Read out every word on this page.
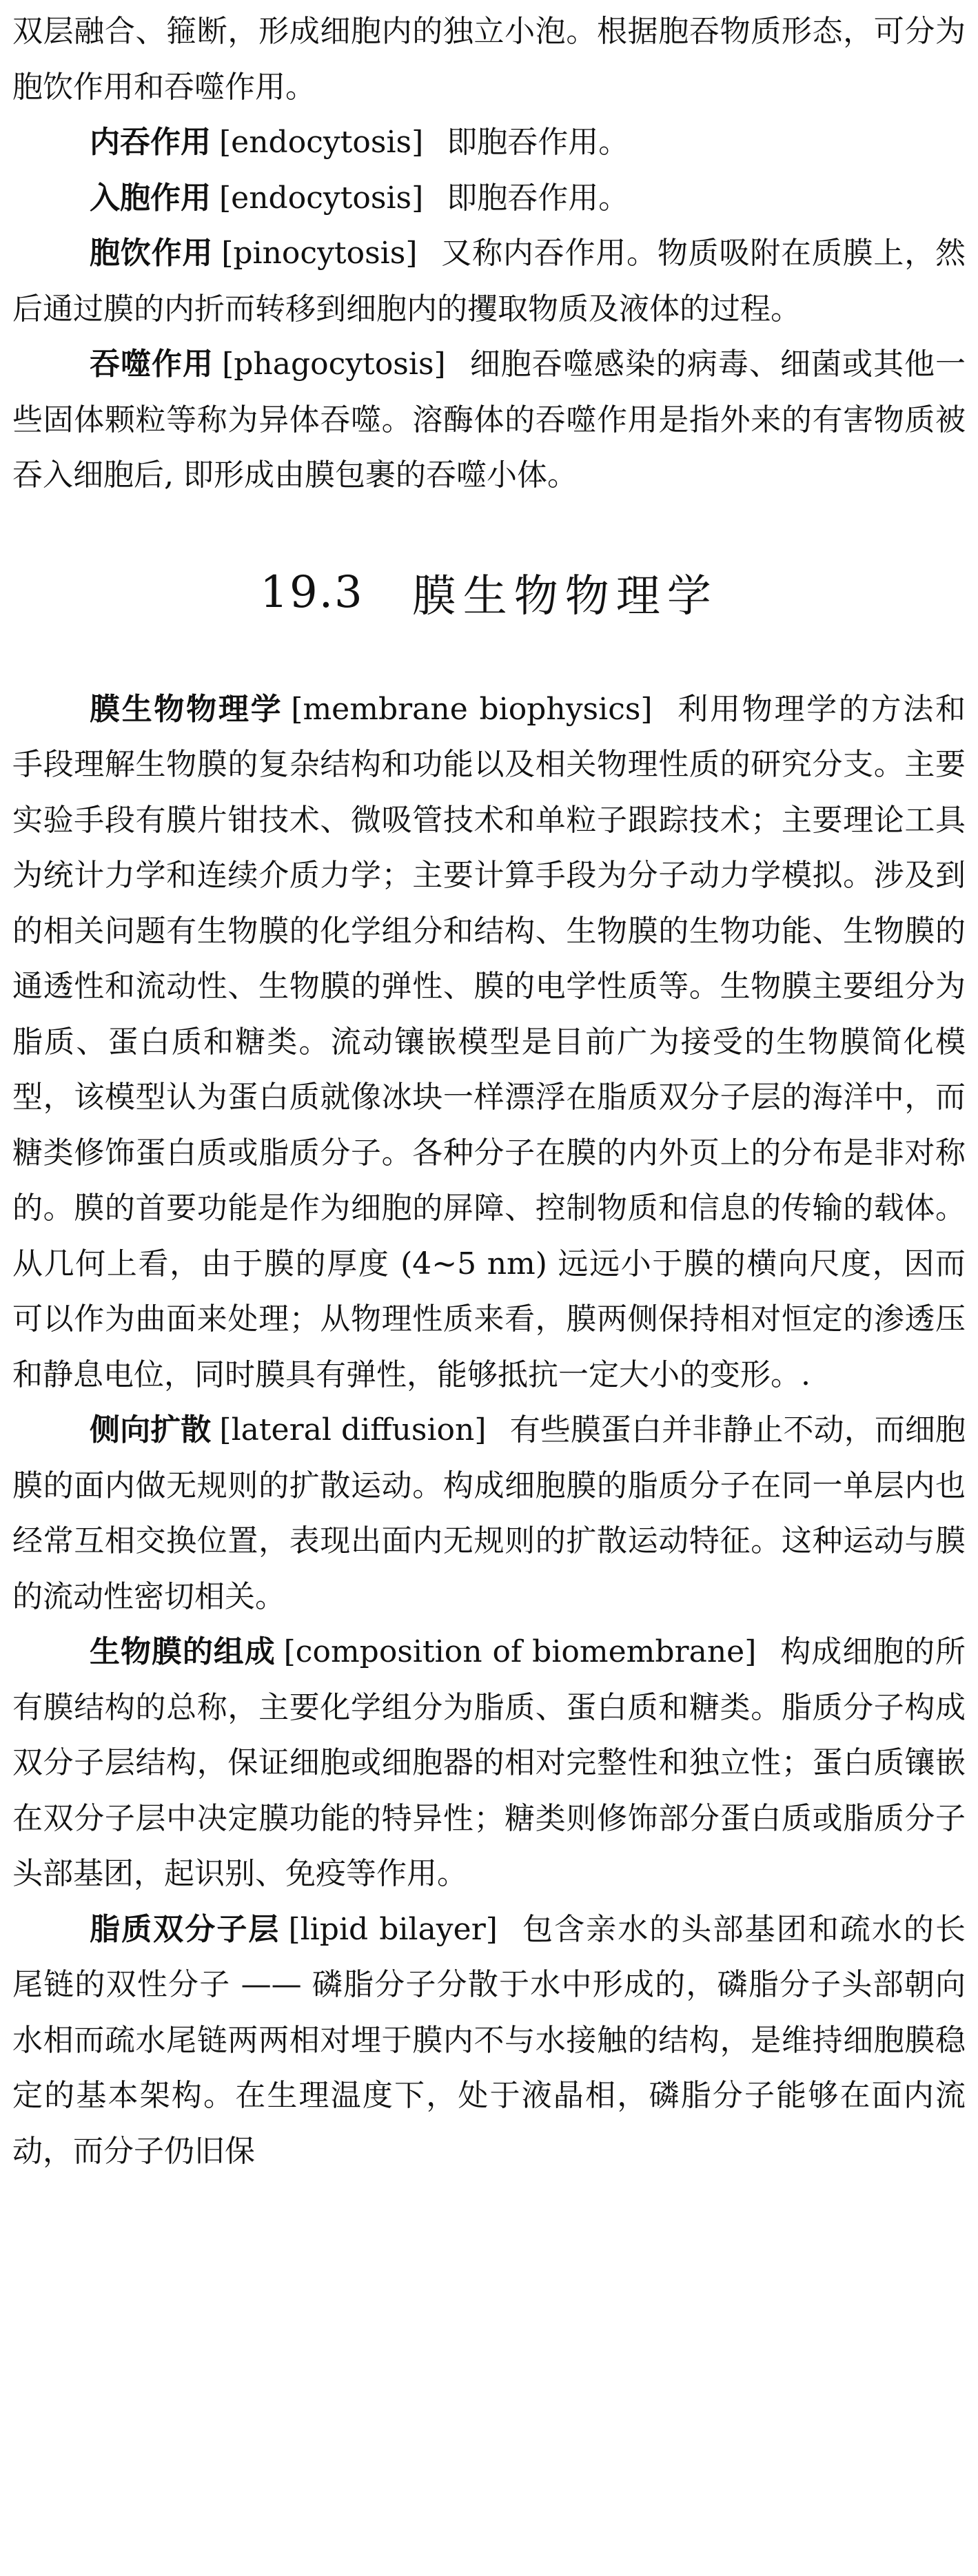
双层融合、箍断，形成细胞内的独立小泡。根据胞吞物质形态，可分为胞饮作用和吞噬作用。

内吞作用 [endocytosis] 即胞吞作用。

入胞作用 [endocytosis] 即胞吞作用。

胞饮作用 [pinocytosis] 又称内吞作用。物质吸附在质膜上，然后通过膜的内折而转移到细胞内的攫取物质及液体的过程。

吞噬作用 [phagocytosis] 细胞吞噬感染的病毒、细菌或其他一些固体颗粒等称为异体吞噬。溶酶体的吞噬作用是指外来的有害物质被吞入细胞后, 即形成由膜包裹的吞噬小体。

19.3 膜生物物理学

膜生物物理学 [membrane biophysics] 利用物理学的方法和手段理解生物膜的复杂结构和功能以及相关物理性质的研究分支。主要实验手段有膜片钳技术、微吸管技术和单粒子跟踪技术；主要理论工具为统计力学和连续介质力学；主要计算手段为分子动力学模拟。涉及到的相关问题有生物膜的化学组分和结构、生物膜的生物功能、生物膜的通透性和流动性、生物膜的弹性、膜的电学性质等。生物膜主要组分为脂质、蛋白质和糖类。流动镶嵌模型是目前广为接受的生物膜简化模型，该模型认为蛋白质就像冰块一样漂浮在脂质双分子层的海洋中，而糖类修饰蛋白质或脂质分子。各种分子在膜的内外页上的分布是非对称的。膜的首要功能是作为细胞的屏障、控制物质和信息的传输的载体。从几何上看，由于膜的厚度 (4∼5 nm) 远远小于膜的横向尺度，因而可以作为曲面来处理；从物理性质来看，膜两侧保持相对恒定的渗透压和静息电位，同时膜具有弹性，能够抵抗一定大小的变形。.

侧向扩散 [lateral diffusion] 有些膜蛋白并非静止不动，而细胞膜的面内做无规则的扩散运动。构成细胞膜的脂质分子在同一单层内也经常互相交换位置，表现出面内无规则的扩散运动特征。这种运动与膜的流动性密切相关。

生物膜的组成 [composition of biomembrane] 构成细胞的所有膜结构的总称，主要化学组分为脂质、蛋白质和糖类。脂质分子构成双分子层结构，保证细胞或细胞器的相对完整性和独立性；蛋白质镶嵌在双分子层中决定膜功能的特异性；糖类则修饰部分蛋白质或脂质分子头部基团，起识别、免疫等作用。

脂质双分子层 [lipid bilayer] 包含亲水的头部基团和疏水的长尾链的双性分子 —— 磷脂分子分散于水中形成的，磷脂分子头部朝向水相而疏水尾链两两相对埋于膜内不与水接触的结构，是维持细胞膜稳定的基本架构。在生理温度下，处于液晶相，磷脂分子能够在面内流动，而分子仍旧保
